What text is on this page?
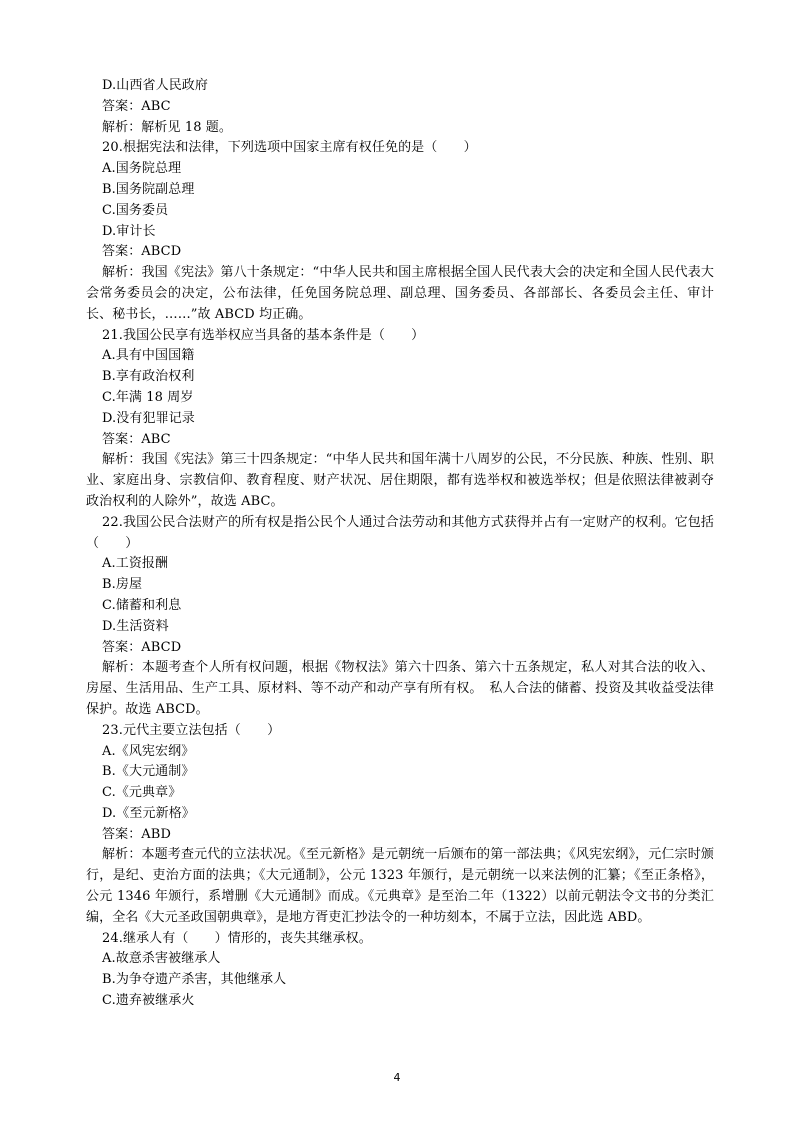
D.山西省人民政府
答案：ABC
解析：解析见 18 题。
20.根据宪法和法律，下列选项中国家主席有权任免的是（　　）
A.国务院总理
B.国务院副总理
C.国务委员
D.审计长
答案：ABCD
解析：我国《宪法》第八十条规定：“中华人民共和国主席根据全国人民代表大会的决定和全国人民代表大会常务委员会的决定，公布法律，任免国务院总理、副总理、国务委员、各部部长、各委员会主任、审计长、秘书长，……”故 ABCD 均正确。
21.我国公民享有选举权应当具备的基本条件是（　　）
A.具有中国国籍
B.享有政治权利
C.年满 18 周岁
D.没有犯罪记录
答案：ABC
解析：我国《宪法》第三十四条规定：“中华人民共和国年满十八周岁的公民，不分民族、种族、性别、职业、家庭出身、宗教信仰、教育程度、财产状况、居住期限，都有选举权和被选举权；但是依照法律被剥夺政治权利的人除外”，故选 ABC。
22.我国公民合法财产的所有权是指公民个人通过合法劳动和其他方式获得并占有一定财产的权利。它包括（　　）
A.工资报酬
B.房屋
C.储蓄和利息
D.生活资料
答案：ABCD
解析：本题考查个人所有权问题，根据《物权法》第六十四条、第六十五条规定，私人对其合法的收入、房屋、生活用品、生产工具、原材料、等不动产和动产享有所有权。　私人合法的储蓄、投资及其收益受法律保护。故选 ABCD。
23.元代主要立法包括（　　）
A.《风宪宏纲》
B.《大元通制》
C.《元典章》
D.《至元新格》
答案：ABD
解析：本题考查元代的立法状况。《至元新格》是元朝统一后颁布的第一部法典；《风宪宏纲》，元仁宗时颁行，是纪、吏治方面的法典；《大元通制》，公元 1323 年颁行，是元朝统一以来法例的汇纂；《至正条格》，公元 1346 年颁行，系增删《大元通制》而成。《元典章》是至治二年（1322）以前元朝法令文书的分类汇编，全名《大元圣政国朝典章》，是地方胥吏汇抄法令的一种坊刻本，不属于立法，因此选 ABD。
24.继承人有（　　）情形的，丧失其继承权。
A.故意杀害被继承人
B.为争夺遗产杀害，其他继承人
C.遗弃被继承火
4
